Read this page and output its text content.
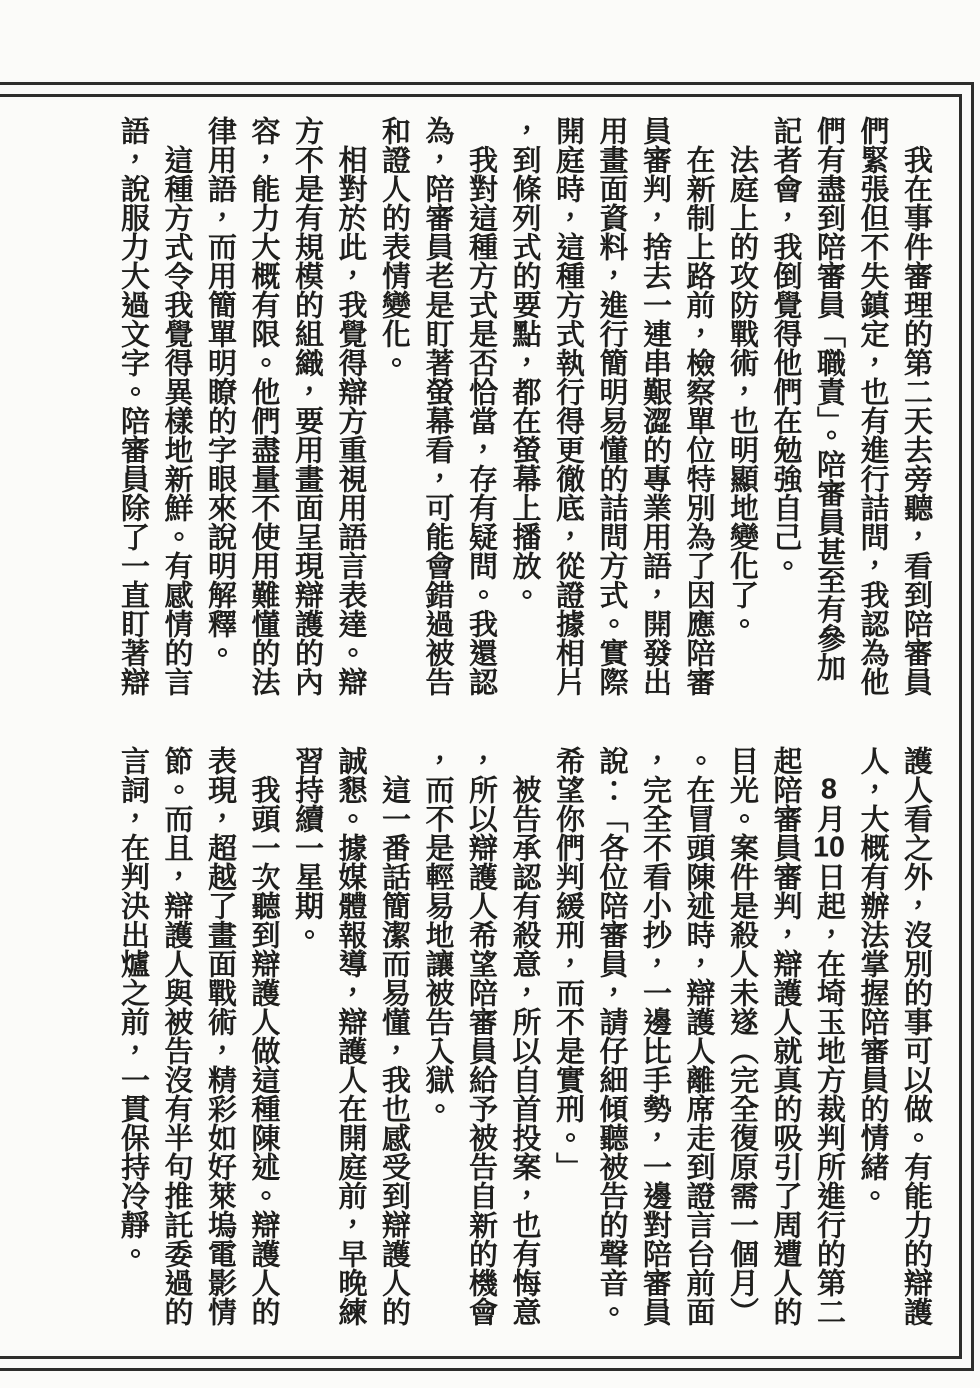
我在事件審理的第二天去旁聽，看到陪審員們緊張但不失鎮定，也有進行詰問，我認為他們有盡到陪審員「職責」。陪審員甚至有參加記者會，我倒覺得他們在勉強自己。

法庭上的攻防戰術，也明顯地變化了。

在新制上路前，檢察單位特別為了因應陪審員審判，捨去一連串艱澀的專業用語，開發出用畫面資料，進行簡明易懂的詰問方式。實際開庭時，這種方式執行得更徹底，從證據相片，到條列式的要點，都在螢幕上播放。

我對這種方式是否恰當，存有疑問。我還認為，陪審員老是盯著螢幕看，可能會錯過被告和證人的表情變化。

相對於此，我覺得辯方重視用語言表達。辯方不是有規模的組織，要用畫面呈現辯護的內容，能力大概有限。他們盡量不使用難懂的法律用語，而用簡單明瞭的字眼來說明解釋。

這種方式令我覺得異樣地新鮮。有感情的言語，說服力大過文字。陪審員除了一直盯著辯

護人看之外，沒別的事可以做。有能力的辯護人，大概有辦法掌握陪審員的情緒。

8月10日起，在埼玉地方裁判所進行的第二起陪審員審判，辯護人就真的吸引了周遭人的目光。案件是殺人未遂（完全復原需一個月）。在冒頭陳述時，辯護人離席走到證言台前面，完全不看小抄，一邊比手勢，一邊對陪審員說：「各位陪審員，請仔細傾聽被告的聲音。希望你們判緩刑，而不是實刑。」

被告承認有殺意，所以自首投案，也有悔意，所以辯護人希望陪審員給予被告自新的機會，而不是輕易地讓被告入獄。

這一番話簡潔而易懂，我也感受到辯護人的誠懇。據媒體報導，辯護人在開庭前，早晚練習持續一星期。

我頭一次聽到辯護人做這種陳述。辯護人的表現，超越了畫面戰術，精彩如好萊塢電影情節。而且，辯護人與被告沒有半句推託委過的言詞，在判決出爐之前，一貫保持冷靜。
